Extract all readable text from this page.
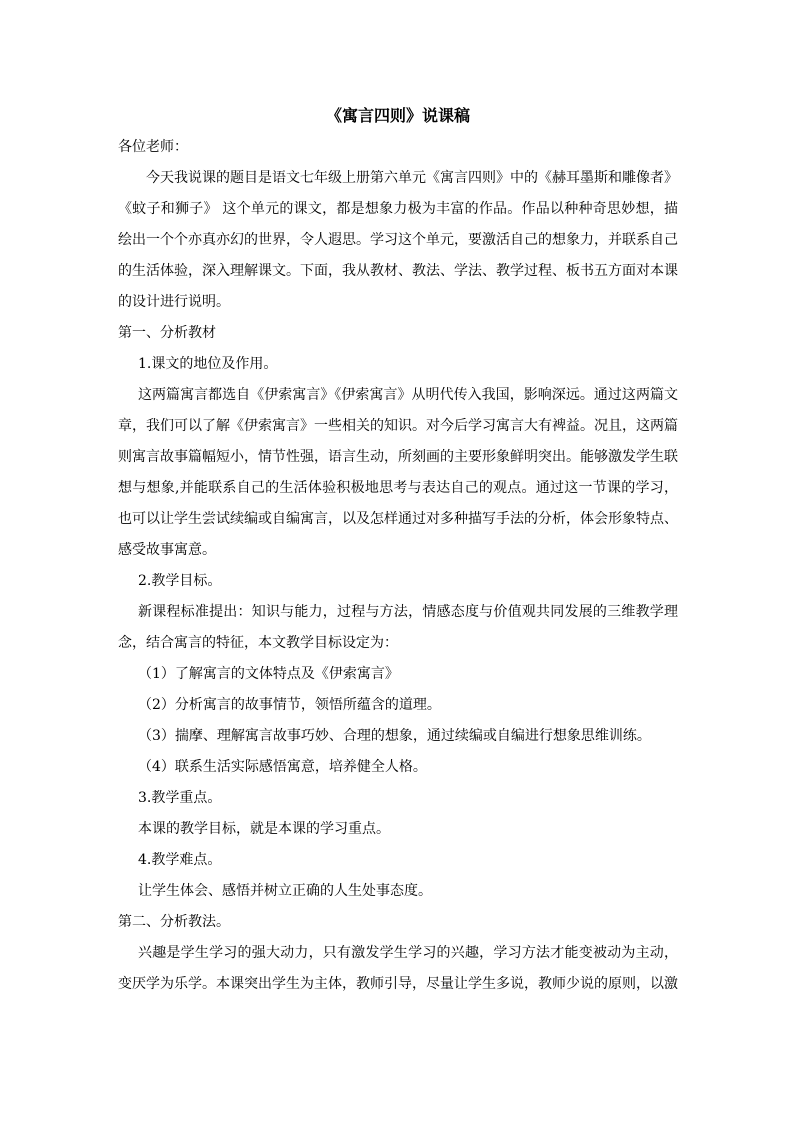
《寓言四则》说课稿

各位老师：

今天我说课的题目是语文七年级上册第六单元《寓言四则》中的《赫耳墨斯和雕像者》《蚊子和狮子》 这个单元的课文，都是想象力极为丰富的作品。作品以种种奇思妙想，描绘出一个个亦真亦幻的世界，令人遐思。学习这个单元，要激活自己的想象力，并联系自己的生活体验，深入理解课文。下面，我从教材、教法、学法、教学过程、板书五方面对本课的设计进行说明。

第一、分析教材

1.课文的地位及作用。

这两篇寓言都选自《伊索寓言》《伊索寓言》从明代传入我国，影响深远。通过这两篇文章，我们可以了解《伊索寓言》一些相关的知识。对今后学习寓言大有裨益。况且，这两篇则寓言故事篇幅短小，情节性强，语言生动，所刻画的主要形象鲜明突出。能够激发学生联想与想象,并能联系自己的生活体验积极地思考与表达自己的观点。通过这一节课的学习，也可以让学生尝试续编或自编寓言，以及怎样通过对多种描写手法的分析，体会形象特点、感受故事寓意。

2.教学目标。

新课程标准提出：知识与能力，过程与方法，情感态度与价值观共同发展的三维教学理念，结合寓言的特征，本文教学目标设定为：

（1）了解寓言的文体特点及《伊索寓言》

（2）分析寓言的故事情节，领悟所蕴含的道理。

（3）揣摩、理解寓言故事巧妙、合理的想象，通过续编或自编进行想象思维训练。

（4）联系生活实际感悟寓意，培养健全人格。

3.教学重点。

本课的教学目标，就是本课的学习重点。

4.教学难点。

让学生体会、感悟并树立正确的人生处事态度。

第二、分析教法。

兴趣是学生学习的强大动力，只有激发学生学习的兴趣，学习方法才能变被动为主动，变厌学为乐学。本课突出学生为主体，教师引导，尽量让学生多说，教师少说的原则，以激
